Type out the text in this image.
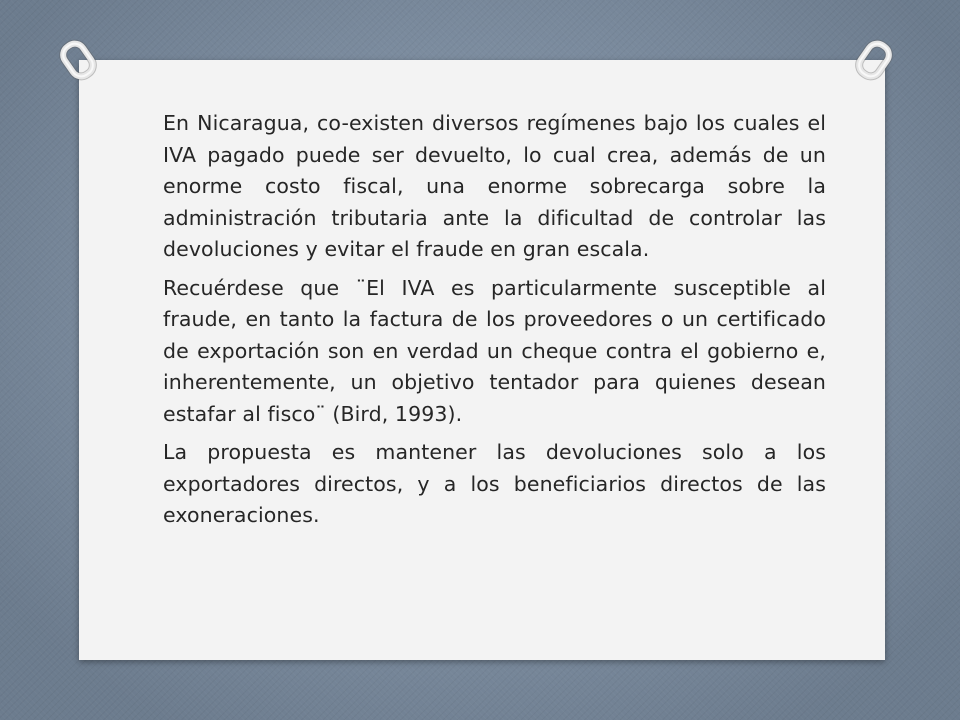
En Nicaragua, co-existen diversos regímenes bajo los cuales el IVA pagado puede ser devuelto, lo cual crea, además de un enorme costo fiscal, una enorme sobrecarga sobre la administración tributaria ante la dificultad de controlar las devoluciones y evitar el fraude en gran escala.

Recuérdese que ¨El IVA es particularmente susceptible al fraude, en tanto la factura de los proveedores o un certificado de exportación son en verdad un cheque contra el gobierno e, inherentemente, un objetivo tentador para quienes desean estafar al fisco¨ (Bird, 1993).

La propuesta es mantener las devoluciones solo a los exportadores directos, y a los beneficiarios directos de las exoneraciones.
